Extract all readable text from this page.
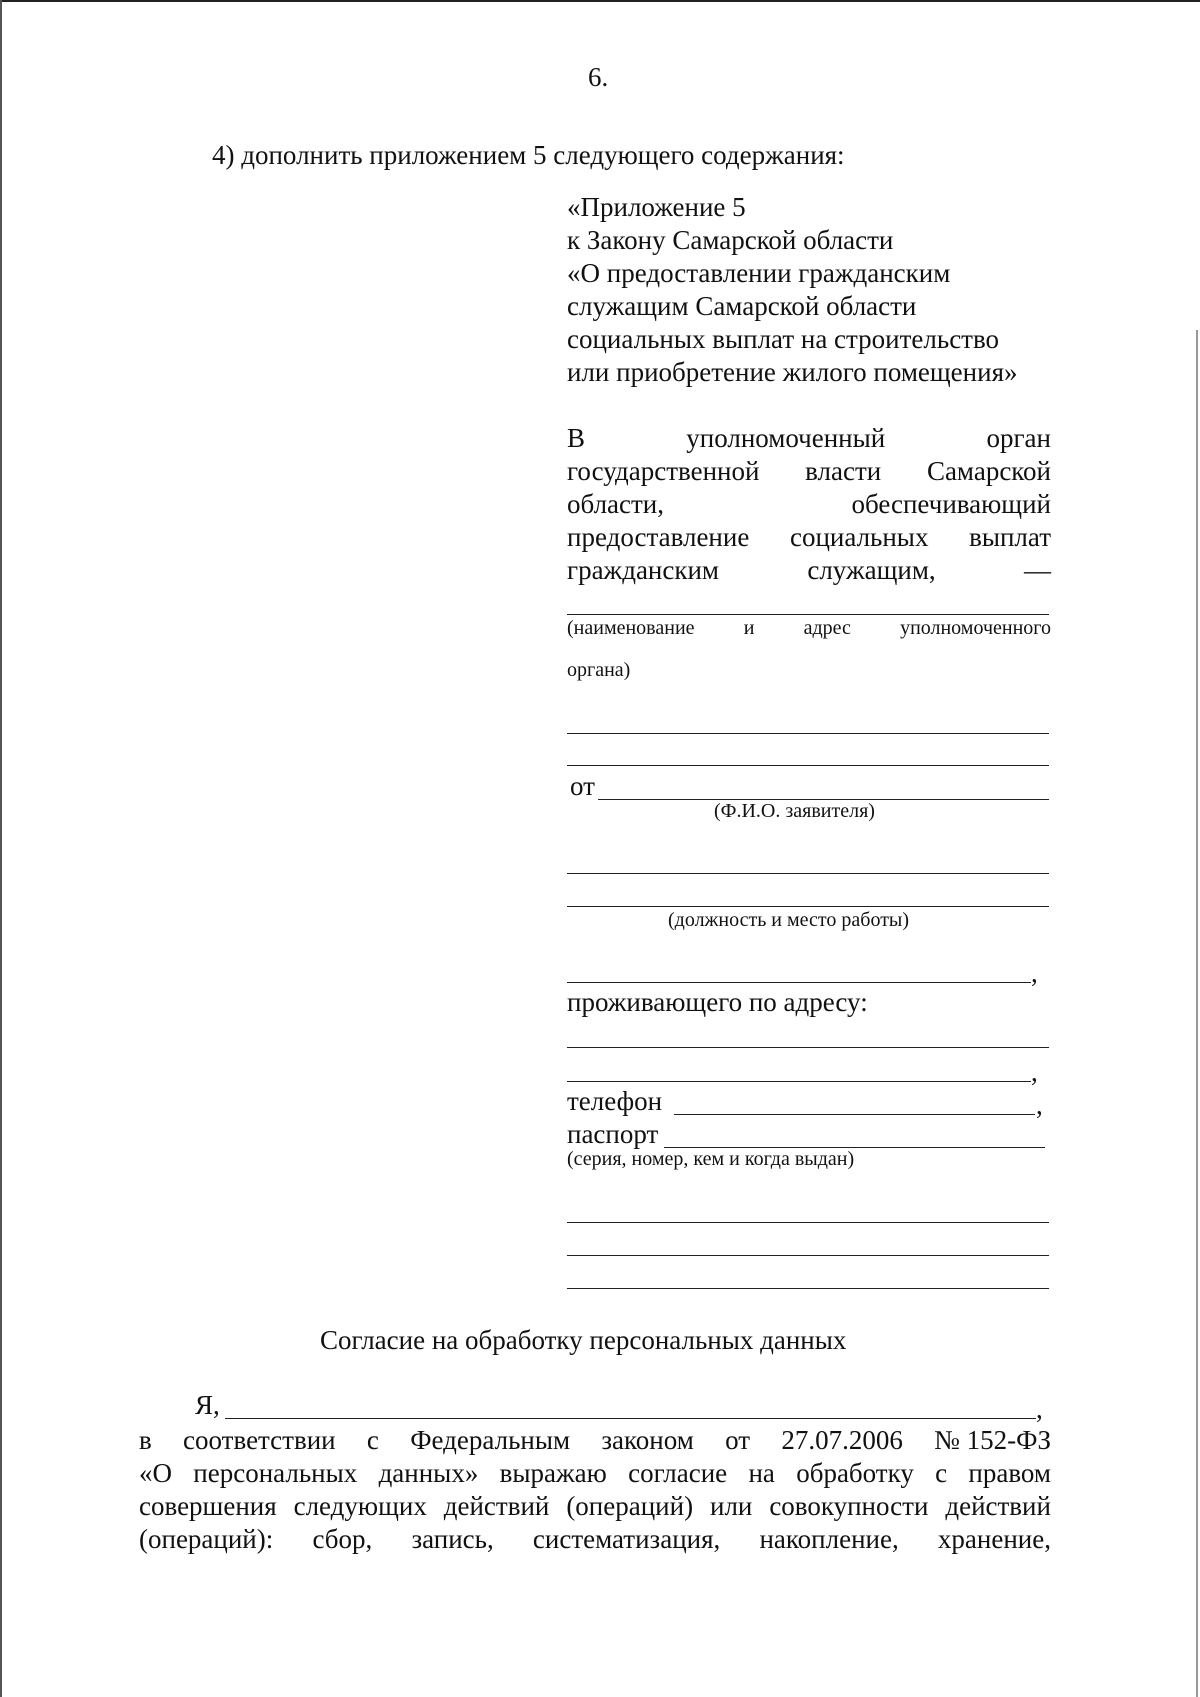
6.
4) дополнить приложением 5 следующего содержания:
«Приложение 5
к Закону Самарской области
«О предоставлении гражданским
служащим Самарской области
социальных выплат на строительство
или приобретение жилого помещения»
В	уполномоченный	орган
государственной власти Самарской
области,	обеспечивающий
предоставление социальных выплат
гражданским	служащим,	—
(наименование и адрес уполномоченного
органа)
от
(Ф.И.О. заявителя)
(должность и место работы)
,
проживающего по адресу:
,
телефон	,
паспорт
(серия, номер, кем и когда выдан)
Согласие на обработку персональных данных
Я,	,
в соответствии с Федеральным законом от 27.07.2006 № 152-ФЗ
«О персональных данных» выражаю согласие на обработку с правом
совершения следующих действий (операций) или совокупности действий
(операций): сбор, запись, систематизация, накопление, хранение,
